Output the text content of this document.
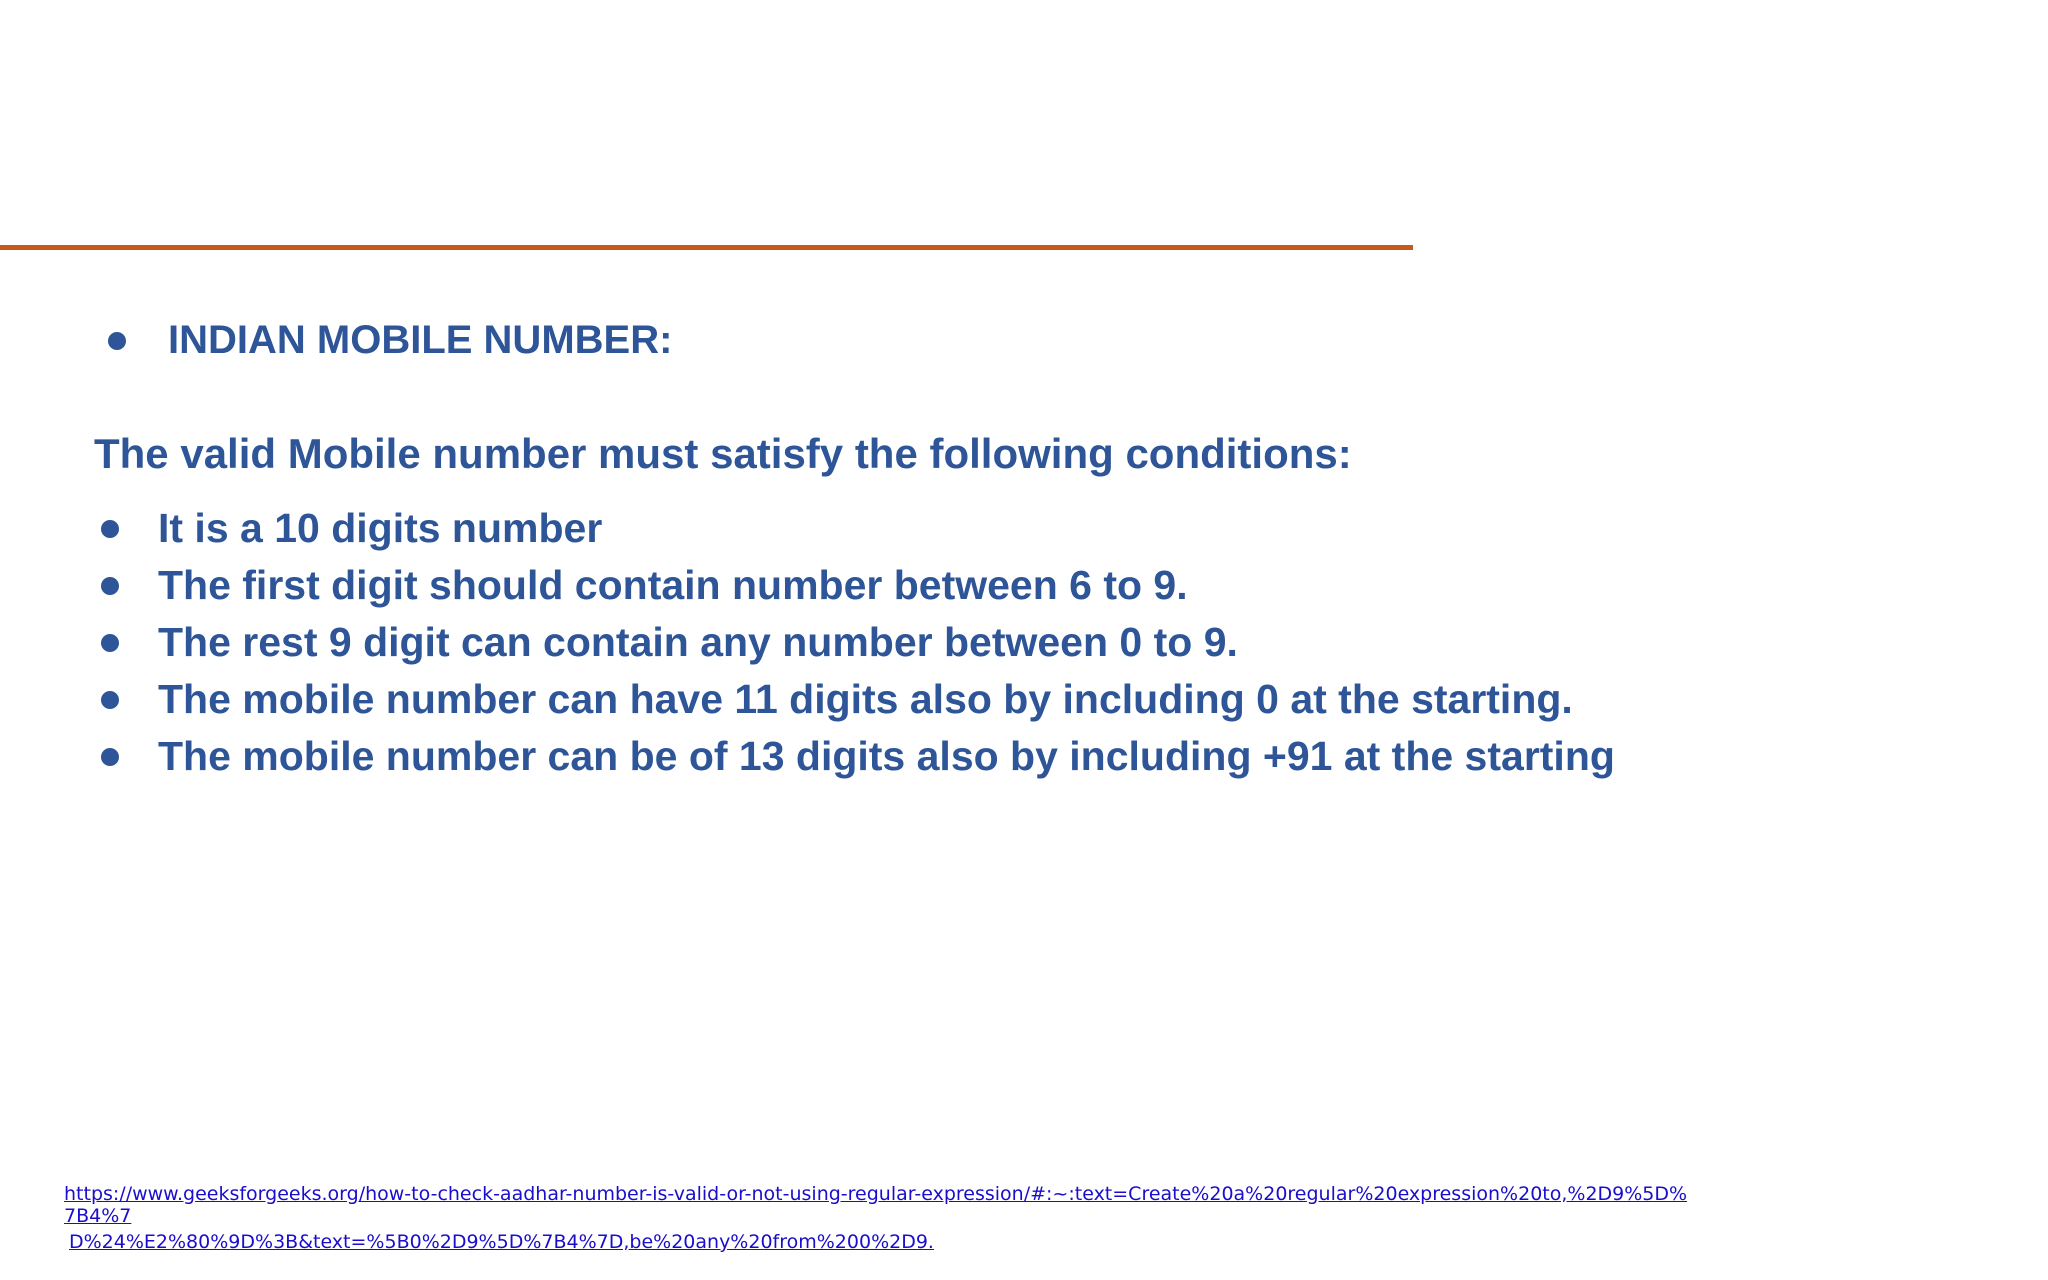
INDIAN MOBILE NUMBER:
The valid Mobile number must satisfy the following conditions:
It is a 10 digits number
The first digit should contain number between 6 to 9.
The rest 9 digit can contain any number between 0 to 9.
The mobile number can have 11 digits also by including 0 at the starting.
The mobile number can be of 13 digits also by including +91 at the starting
https://www.geeksforgeeks.org/how-to-check-aadhar-number-is-valid-or-not-using-regular-expression/#:~:text=Create%20a%20regular%20expression%20to,%2D9%5D%
7B4%7
D%24%E2%80%9D%3B&text=%5B0%2D9%5D%7B4%7D,be%20any%20from%200%2D9.
